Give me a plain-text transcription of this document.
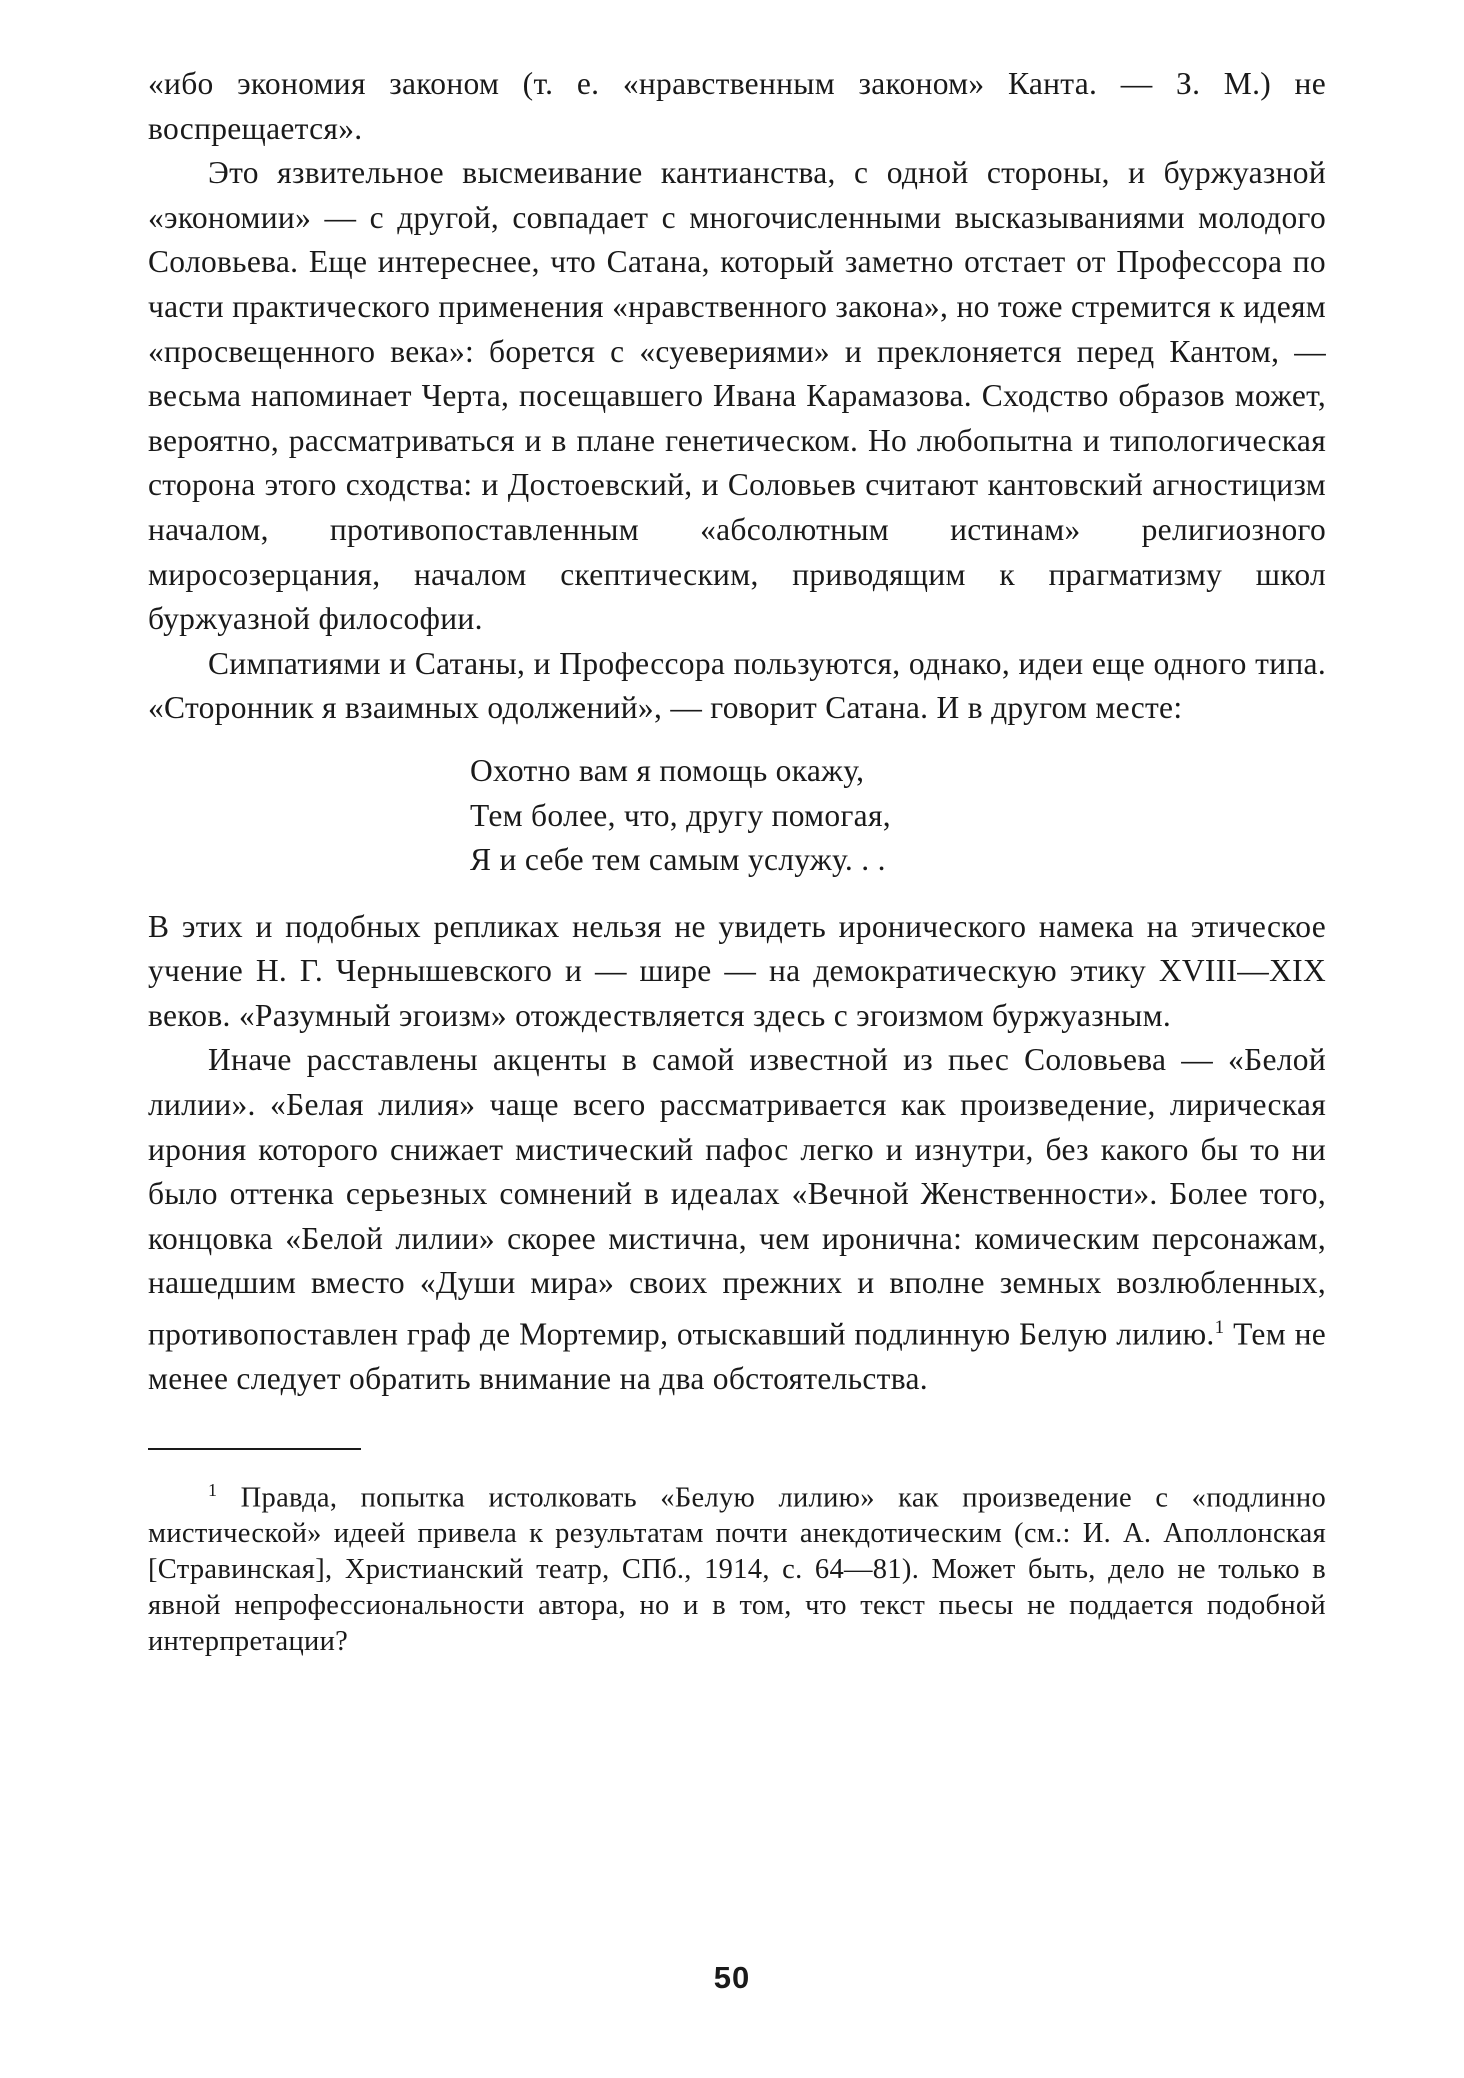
«ибо экономия законом (т. е. «нравственным законом» Канта. — З. М.) не воспрещается».

Это язвительное высмеивание кантианства, с одной стороны, и буржуазной «экономии» — с другой, совпадает с многочисленными высказываниями молодого Соловьева. Еще интереснее, что Сатана, который заметно отстает от Профессора по части практического применения «нравственного закона», но тоже стремится к идеям «просвещенного века»: борется с «суевериями» и преклоняется перед Кантом, — весьма напоминает Черта, посещавшего Ивана Карамазова. Сходство образов может, вероятно, рассматриваться и в плане генетическом. Но любопытна и типологическая сторона этого сходства: и Достоевский, и Соловьев считают кантовский агностицизм началом, противопоставленным «абсолютным истинам» религиозного миросозерцания, началом скептическим, приводящим к прагматизму школ буржуазной философии.

Симпатиями и Сатаны, и Профессора пользуются, однако, идеи еще одного типа. «Сторонник я взаимных одолжений», — говорит Сатана. И в другом месте:

Охотно вам я помощь окажу,
Тем более, что, другу помогая,
Я и себе тем самым услужу. . .

В этих и подобных репликах нельзя не увидеть иронического намека на этическое учение Н. Г. Чернышевского и — шире — на демократическую этику XVIII—XIX веков. «Разумный эгоизм» отождествляется здесь с эгоизмом буржуазным.

Иначе расставлены акценты в самой известной из пьес Соловьева — «Белой лилии». «Белая лилия» чаще всего рассматривается как произведение, лирическая ирония которого снижает мистический пафос легко и изнутри, без какого бы то ни было оттенка серьезных сомнений в идеалах «Вечной Женственности». Более того, концовка «Белой лилии» скорее мистична, чем иронична: комическим персонажам, нашедшим вместо «Души мира» своих прежних и вполне земных возлюбленных, противопоставлен граф де Мортемир, отыскавший подлинную Белую лилию.$^1$ Тем не менее следует обратить внимание на два обстоятельства.

$^1$ Правда, попытка истолковать «Белую лилию» как произведение с «подлинно мистической» идеей привела к результатам почти анекдотическим (см.: И. А. Аполлонская [Стравинская], Христианский театр, СПб., 1914, с. 64—81). Может быть, дело не только в явной непрофессиональности автора, но и в том, что текст пьесы не поддается подобной интерпретации?

50
